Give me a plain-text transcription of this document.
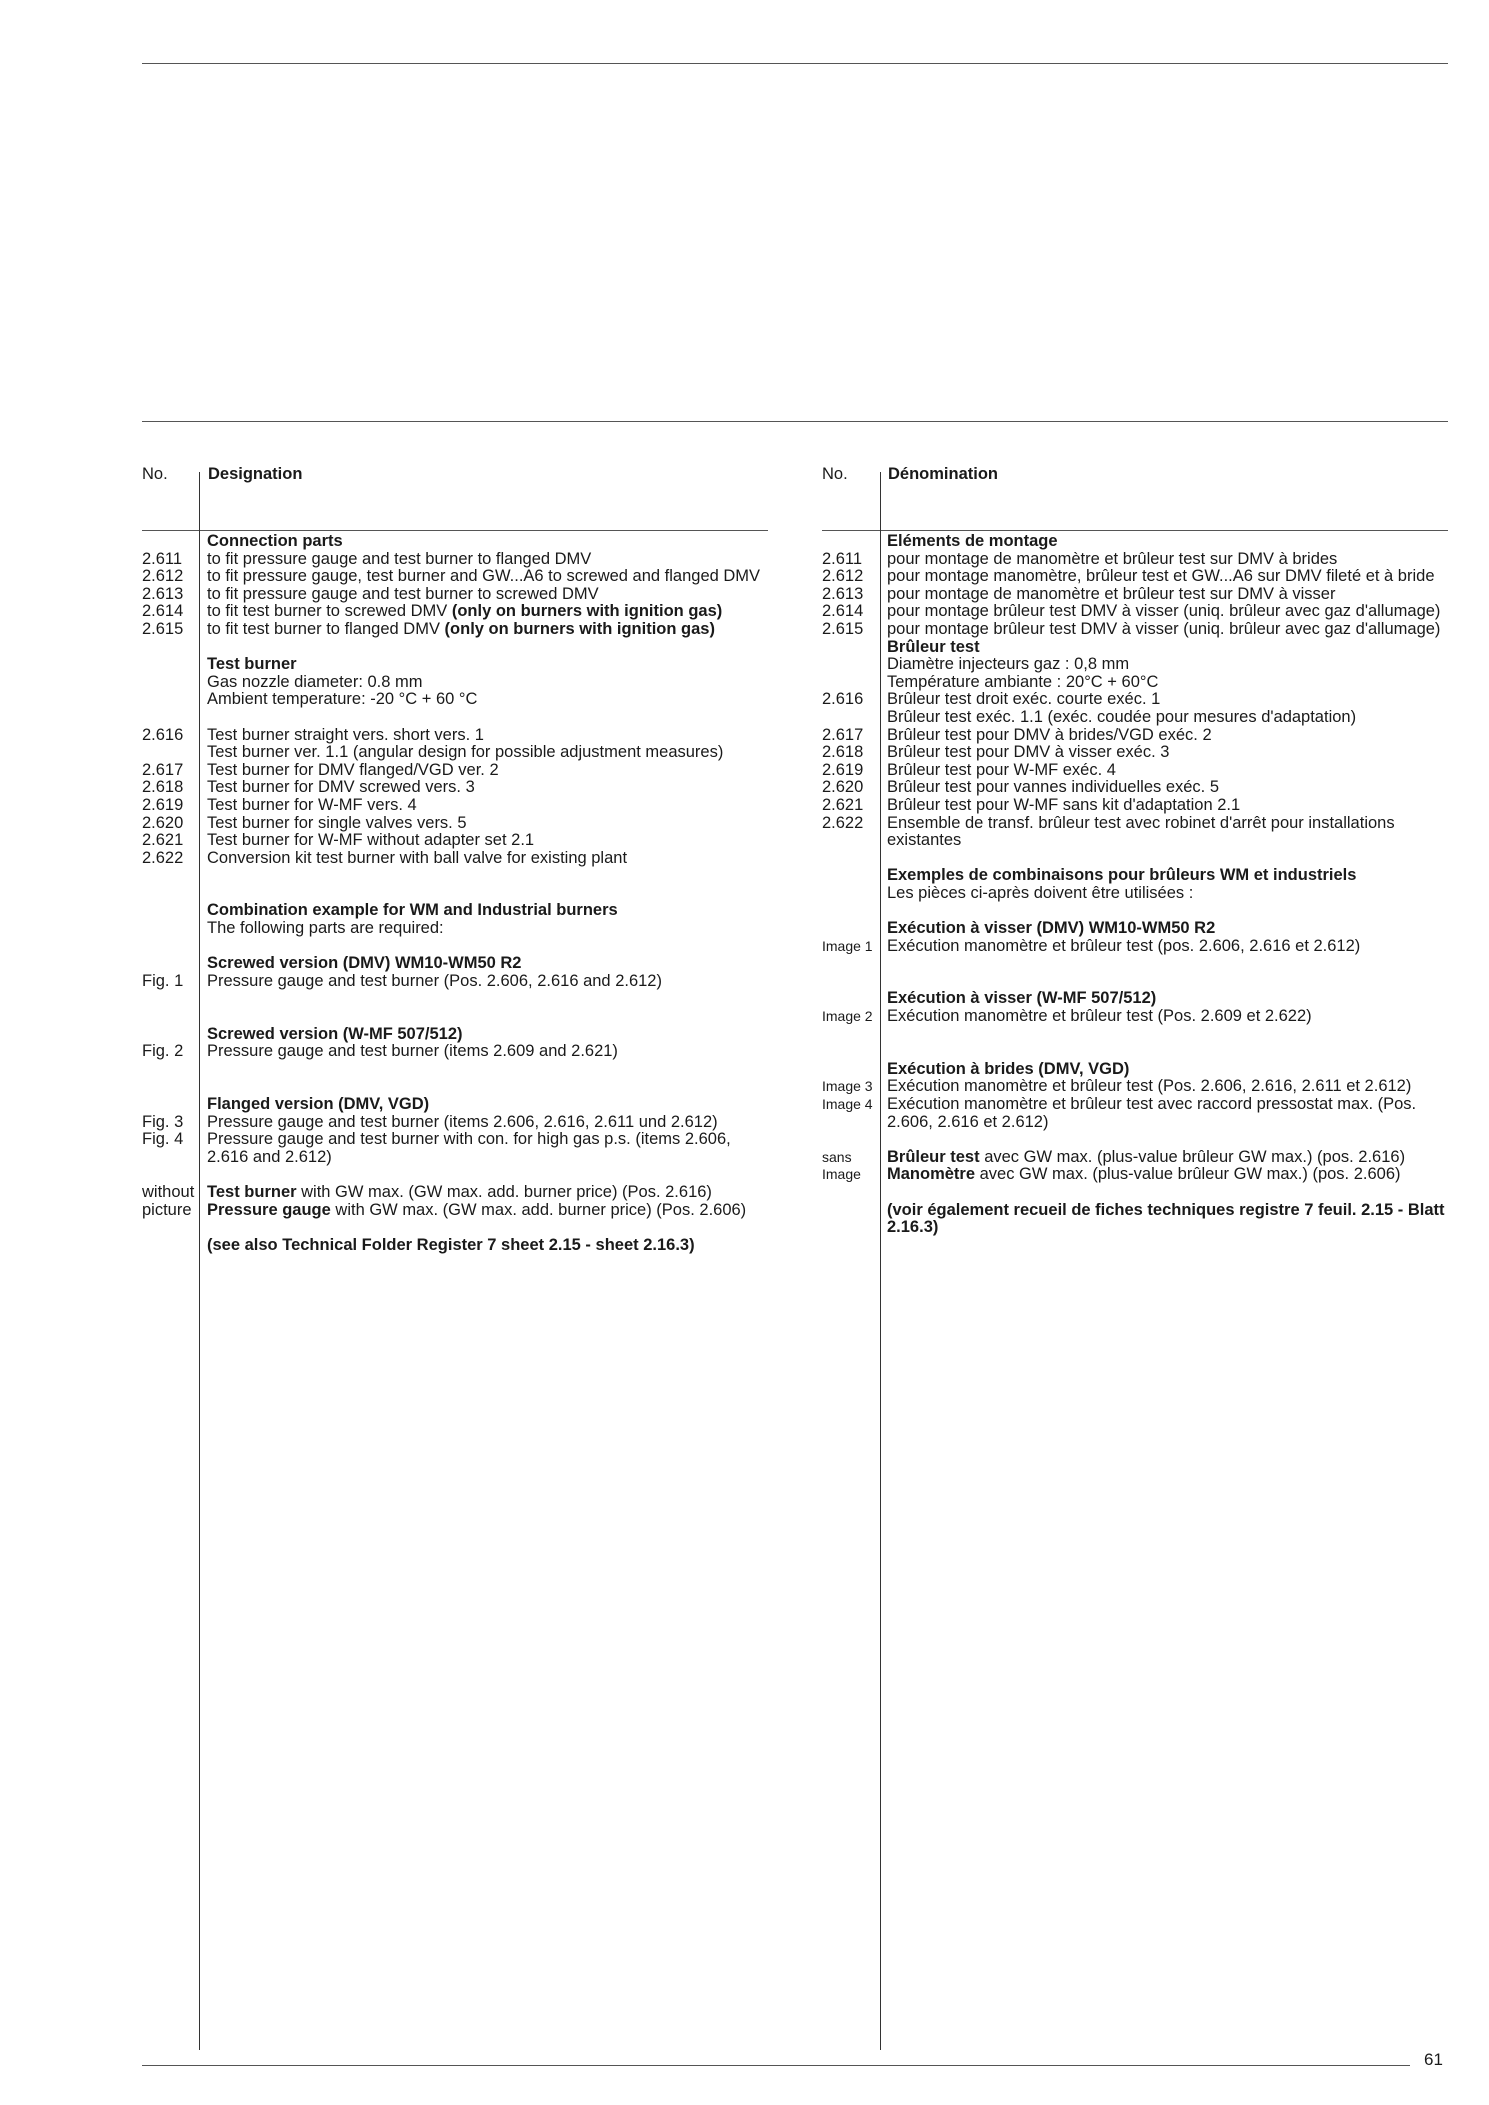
No. Designation	No. Dénomination
Connection parts
2.611 to fit pressure gauge and test burner to flanged DMV
2.612 to fit pressure gauge, test burner and GW...A6 to screwed and flanged DMV
2.613 to fit pressure gauge and test burner to screwed DMV
2.614 to fit test burner to screwed DMV (only on burners with ignition gas)
2.615 to fit test burner to flanged DMV (only on burners with ignition gas)
Test burner
Gas nozzle diameter: 0.8 mm
Ambient temperature: -20 °C + 60 °C
2.616 Test burner straight vers. short vers. 1
Test burner ver. 1.1 (angular design for possible adjustment measures)
2.617 Test burner for DMV flanged/VGD ver. 2
2.618 Test burner for DMV screwed vers. 3
2.619 Test burner for W-MF vers. 4
2.620 Test burner for single valves vers. 5
2.621 Test burner for W-MF without adapter set 2.1
2.622 Conversion kit test burner with ball valve for existing plant
Combination example for WM and Industrial burners
The following parts are required:
Screwed version (DMV) WM10-WM50 R2
Fig. 1 Pressure gauge and test burner (Pos. 2.606, 2.616 and 2.612)
Screwed version (W-MF 507/512)
Fig. 2 Pressure gauge and test burner (items 2.609 and 2.621)
Flanged version (DMV, VGD)
Fig. 3 Pressure gauge and test burner (items 2.606, 2.616, 2.611 und 2.612)
Fig. 4 Pressure gauge and test burner with con. for high gas p.s. (items 2.606, 2.616 and 2.612)
without Test burner with GW max. (GW max. add. burner price) (Pos. 2.616)
picture Pressure gauge with GW max. (GW max. add. burner price) (Pos. 2.606)
(see also Technical Folder Register 7 sheet 2.15 - sheet 2.16.3)
Eléments de montage
2.611 pour montage de manomètre et brûleur test sur DMV à brides
2.612 pour montage manomètre, brûleur test et GW...A6 sur DMV fileté et à bride
2.613 pour montage de manomètre et brûleur test sur DMV à visser
2.614 pour montage brûleur test DMV à visser (uniq. brûleur avec gaz d'allumage)
2.615 pour montage brûleur test DMV à visser (uniq. brûleur avec gaz d'allumage)
Brûleur test
Diamètre injecteurs gaz : 0,8 mm
Température ambiante : 20°C + 60°C
2.616 Brûleur test droit exéc. courte exéc. 1
Brûleur test exéc. 1.1 (exéc. coudée pour mesures d'adaptation)
2.617 Brûleur test pour DMV à brides/VGD exéc. 2
2.618 Brûleur test pour DMV à visser exéc. 3
2.619 Brûleur test pour W-MF exéc. 4
2.620 Brûleur test pour vannes individuelles exéc. 5
2.621 Brûleur test pour W-MF sans kit d'adaptation 2.1
2.622 Ensemble de transf. brûleur test avec robinet d'arrêt pour installations existantes
Exemples de combinaisons pour brûleurs WM et industriels
Les pièces ci-après doivent être utilisées :
Exécution à visser (DMV) WM10-WM50 R2
Image 1 Exécution manomètre et brûleur test (pos. 2.606, 2.616 et 2.612)
Exécution à visser (W-MF 507/512)
Image 2 Exécution manomètre et brûleur test (Pos. 2.609 et 2.622)
Exécution à brides (DMV, VGD)
Image 3 Exécution manomètre et brûleur test (Pos. 2.606, 2.616, 2.611 et 2.612)
Image 4 Exécution manomètre et brûleur test avec raccord pressostat max. (Pos. 2.606, 2.616 et 2.612)
sans Brûleur test avec GW max. (plus-value brûleur GW max.) (pos. 2.616)
Image Manomètre avec GW max. (plus-value brûleur GW max.) (pos. 2.606)
(voir également recueil de fiches techniques registre 7 feuil. 2.15 - Blatt 2.16.3)
61
